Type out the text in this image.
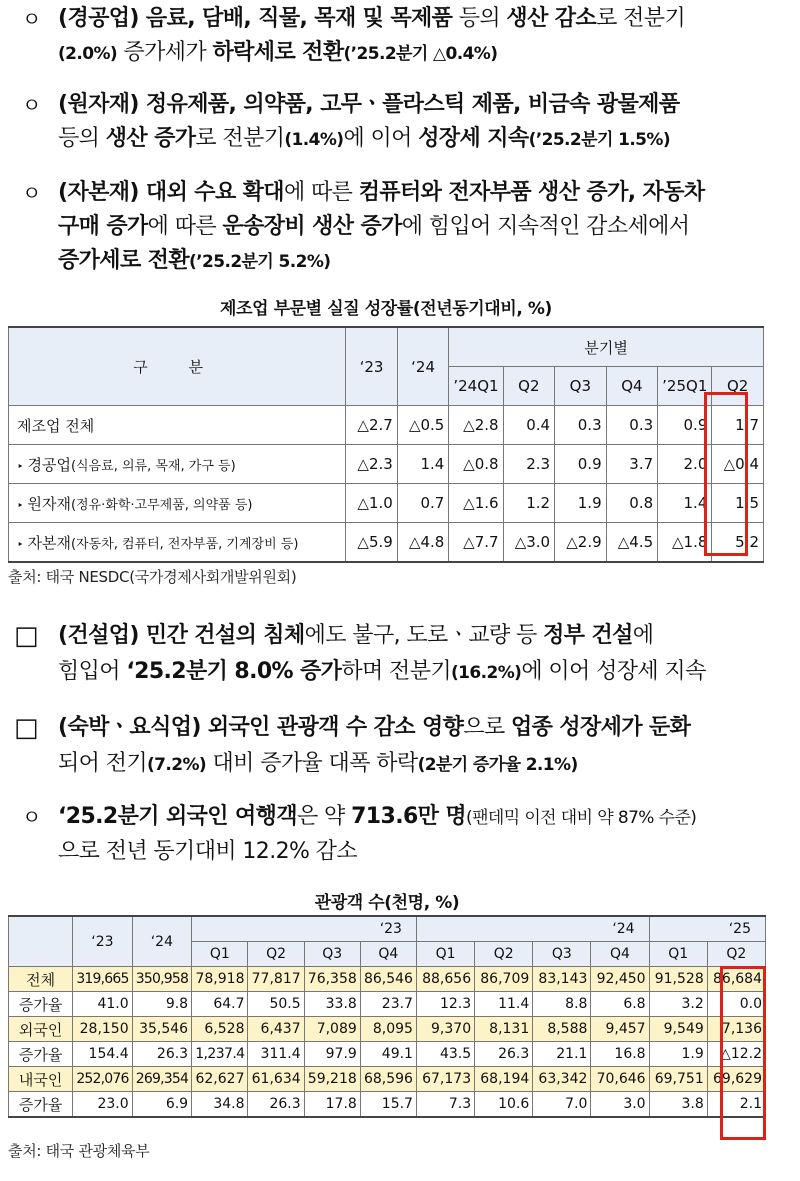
ㅇ (경공업) 음료, 담배, 직물, 목재 및 목제품 등의 생산 감소로 전분기
(2.0%) 증가세가 하락세로 전환(’25.2분기 △0.4%)
ㅇ (원자재) 정유제품, 의약품, 고무ㆍ플라스틱 제품, 비금속 광물제품
등의 생산 증가로 전분기(1.4%)에 이어 성장세 지속(’25.2분기 1.5%)
ㅇ (자본재) 대외 수요 확대에 따른 컴퓨터와 전자부품 생산 증가, 자동차
구매 증가에 따른 운송장비 생산 증가에 힘입어 지속적인 감소세에서
증가세로 전환(’25.2분기 5.2%)
제조업 부문별 실질 성장률(전년동기대비, %)
구 분	‘23	‘24	분기별					
			’24Q1	Q2	Q3	Q4	’25Q1	Q2
제조업 전체	△2.7	△0.5	△2.8	0.4	0.3	0.3	0.9	1.7
‣ 경공업(식음료, 의류, 목재, 가구 등)	△2.3	1.4	△0.8	2.3	0.9	3.7	2.0	△0.4
‣ 원자재(정유·화학·고무제품, 의약품 등)	△1.0	0.7	△1.6	1.2	1.9	0.8	1.4	1.5
‣ 자본재(자동차, 컴퓨터, 전자부품, 기계장비 등)	△5.9	△4.8	△7.7	△3.0	△2.9	△4.5	△1.8	5.2
출처: 태국 NESDC(국가경제사회개발위원회)
□ (건설업) 민간 건설의 침체에도 불구, 도로ㆍ교량 등 정부 건설에
힘입어 ‘25.2분기 8.0% 증가하며 전분기(16.2%)에 이어 성장세 지속
□ (숙박ㆍ요식업) 외국인 관광객 수 감소 영향으로 업종 성장세가 둔화
되어 전기(7.2%) 대비 증가율 대폭 하락(2분기 증가율 2.1%)
ㅇ ‘25.2분기 외국인 여행객은 약 713.6만 명(팬데믹 이전 대비 약 87% 수준)
으로 전년 동기대비 12.2% 감소
관광객 수(천명, %)
	‘23	‘24	‘23				‘24				‘25	
			Q1	Q2	Q3	Q4	Q1	Q2	Q3	Q4	Q1	Q2
전체	319,665	350,958	78,918	77,817	76,358	86,546	88,656	86,709	83,143	92,450	91,528	86,684
증가율	41.0	9.8	64.7	50.5	33.8	23.7	12.3	11.4	8.8	6.8	3.2	0.0
외국인	28,150	35,546	6,528	6,437	7,089	8,095	9,370	8,131	8,588	9,457	9,549	7,136
증가율	154.4	26.3	1,237.4	311.4	97.9	49.1	43.5	26.3	21.1	16.8	1.9	△12.2
내국인	252,076	269,354	62,627	61,634	59,218	68,596	67,173	68,194	63,342	70,646	69,751	69,629
증가율	23.0	6.9	34.8	26.3	17.8	15.7	7.3	10.6	7.0	3.0	3.8	2.1
출처: 태국 관광체육부
